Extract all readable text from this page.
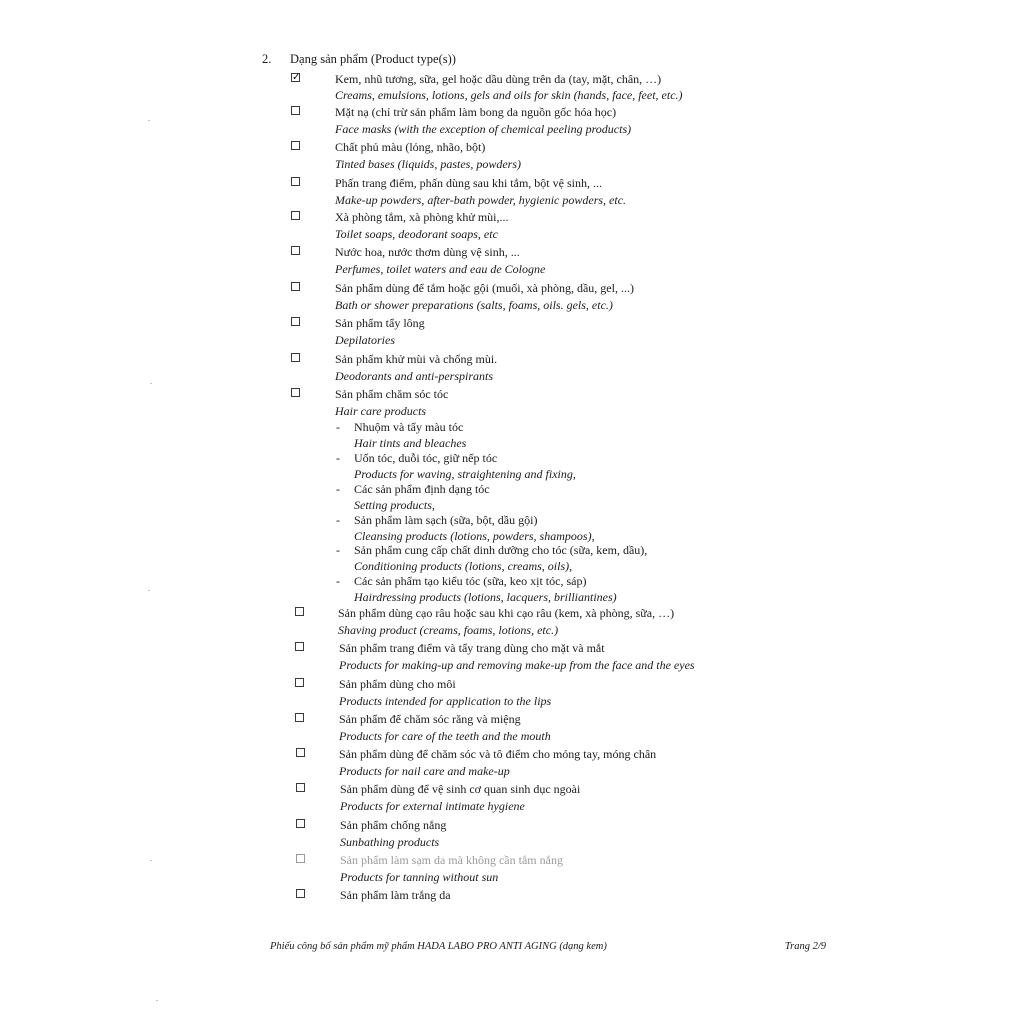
2. Dạng sản phẩm (Product type(s))
✓	Kem, nhũ tương, sữa, gel hoặc dầu dùng trên da (tay, mặt, chân, …)
Creams, emulsions, lotions, gels and oils for skin (hands, face, feet, etc.)
Mặt nạ (chỉ trừ sản phẩm làm bong da nguồn gốc hóa học)
Face masks (with the exception of chemical peeling products)
Chất phủ màu (lỏng, nhão, bột)
Tinted bases (liquids, pastes, powders)
Phấn trang điểm, phấn dùng sau khi tắm, bột vệ sinh, ...
Make-up powders, after-bath powder, hygienic powders, etc.
Xà phòng tắm, xà phòng khử mùi,...
Toilet soaps, deodorant soaps, etc
Nước hoa, nước thơm dùng vệ sinh, ...
Perfumes, toilet waters and eau de Cologne
Sản phẩm dùng để tắm hoặc gội (muối, xà phòng, dầu, gel, ...)
Bath or shower preparations (salts, foams, oils. gels, etc.)
Sản phẩm tẩy lông
Depilatories
Sản phẩm khử mùi và chống mùi.
Deodorants and anti-perspirants
Sản phẩm chăm sóc tóc
Hair care products
- Nhuộm và tẩy màu tóc
Hair tints and bleaches
- Uốn tóc, duỗi tóc, giữ nếp tóc
Products for waving, straightening and fixing,
- Các sản phẩm định dạng tóc
Setting products,
- Sản phẩm làm sạch (sữa, bột, dầu gội)
Cleansing products (lotions, powders, shampoos),
- Sản phẩm cung cấp chất dinh dưỡng cho tóc (sữa, kem, dầu),
Conditioning products (lotions, creams, oils),
- Các sản phẩm tạo kiểu tóc (sữa, keo xịt tóc, sáp)
Hairdressing products (lotions, lacquers, brilliantines)
Sản phẩm dùng cạo râu hoặc sau khi cạo râu (kem, xà phòng, sữa, …)
Shaving product (creams, foams, lotions, etc.)
Sản phẩm trang điểm và tẩy trang dùng cho mặt và mắt
Products for making-up and removing make-up from the face and the eyes
Sản phẩm dùng cho môi
Products intended for application to the lips
Sản phẩm để chăm sóc răng và miệng
Products for care of the teeth and the mouth
Sản phẩm dùng để chăm sóc và tô điểm cho móng tay, móng chân
Products for nail care and make-up
Sản phẩm dùng để vệ sinh cơ quan sinh dục ngoài
Products for external intimate hygiene
Sản phẩm chống nắng
Sunbathing products
Sản phẩm làm sạm da mà không cần tắm nắng
Products for tanning without sun
Sản phẩm làm trắng da
Phiếu công bố sản phẩm mỹ phẩm HADA LABO PRO ANTI AGING (dạng kem)	Trang 2/9
